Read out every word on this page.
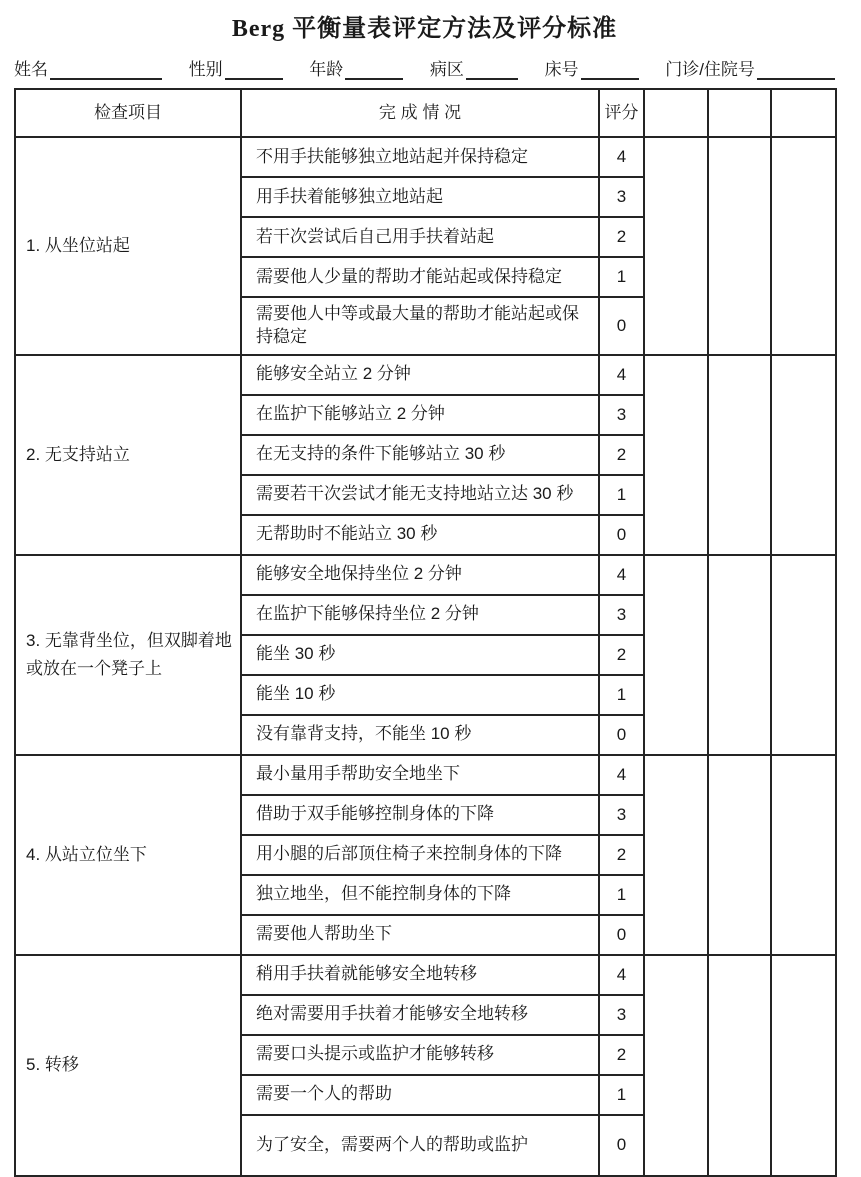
Berg 平衡量表评定方法及评分标准
姓名	性别	年龄	病区	床号	门诊/住院号
检查项目	完 成 情 况	评分			
1. 从坐位站起	不用手扶能够独立地站起并保持稳定	4			
	用手扶着能够独立地站起	3			
	若干次尝试后自己用手扶着站起	2			
	需要他人少量的帮助才能站起或保持稳定	1			
	需要他人中等或最大量的帮助才能站起或保持稳定	0			
2. 无支持站立	能够安全站立 2 分钟	4			
	在监护下能够站立 2 分钟	3			
	在无支持的条件下能够站立 30 秒	2			
	需要若干次尝试才能无支持地站立达 30 秒	1			
	无帮助时不能站立 30 秒	0			
3. 无靠背坐位，但双脚着地或放在一个凳子上	能够安全地保持坐位 2 分钟	4			
	在监护下能够保持坐位 2 分钟	3			
	能坐 30 秒	2			
	能坐 10 秒	1			
	没有靠背支持，不能坐 10 秒	0			
4. 从站立位坐下	最小量用手帮助安全地坐下	4			
	借助于双手能够控制身体的下降	3			
	用小腿的后部顶住椅子来控制身体的下降	2			
	独立地坐，但不能控制身体的下降	1			
	需要他人帮助坐下	0			
5. 转移	稍用手扶着就能够安全地转移	4			
	绝对需要用手扶着才能够安全地转移	3			
	需要口头提示或监护才能够转移	2			
	需要一个人的帮助	1			
	为了安全，需要两个人的帮助或监护	0			
